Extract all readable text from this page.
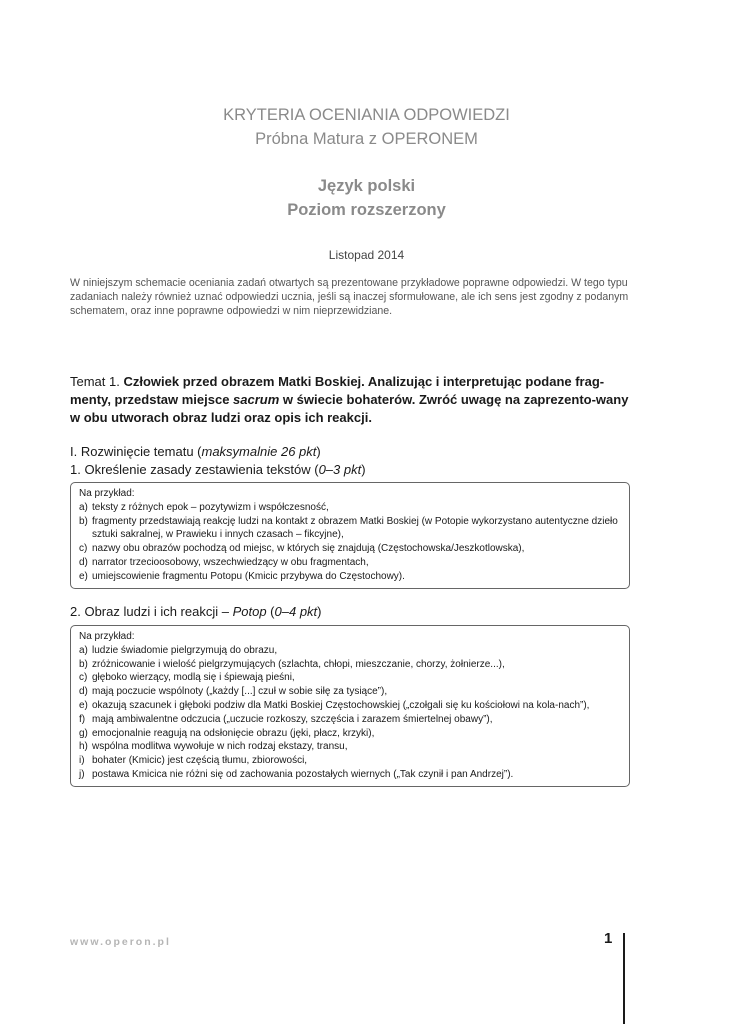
KRYTERIA OCENIANIA ODPOWIEDZI
Próbna Matura z OPERONEM
Język polski
Poziom rozszerzony
Listopad 2014
W niniejszym schemacie oceniania zadań otwartych są prezentowane przykładowe poprawne odpowiedzi. W tego typu zadaniach należy również uznać odpowiedzi ucznia, jeśli są inaczej sformułowane, ale ich sens jest zgodny z podanym schematem, oraz inne poprawne odpowiedzi w nim nieprzewidziane.
Temat 1. Człowiek przed obrazem Matki Boskiej. Analizując i interpretując podane frag-menty, przedstaw miejsce sacrum w świecie bohaterów. Zwróć uwagę na zaprezento-wany w obu utworach obraz ludzi oraz opis ich reakcji.
I. Rozwinięcie tematu (maksymalnie 26 pkt)
1. Określenie zasady zestawienia tekstów (0–3 pkt)
Na przykład:
a) teksty z różnych epok – pozytywizm i współczesność,
b) fragmenty przedstawiają reakcję ludzi na kontakt z obrazem Matki Boskiej (w Potopie wykorzystano autentyczne dzieło sztuki sakralnej, w Prawieku i innych czasach – fikcyjne),
c) nazwy obu obrazów pochodzą od miejsc, w których się znajdują (Częstochowska/Jeszkotlowska),
d) narrator trzecioosobowy, wszechwiedzący w obu fragmentach,
e) umiejscowienie fragmentu Potopu (Kmicic przybywa do Częstochowy).
2. Obraz ludzi i ich reakcji – Potop (0–4 pkt)
Na przykład:
a) ludzie świadomie pielgrzymują do obrazu,
b) zróżnicowanie i wielość pielgrzymujących (szlachta, chłopi, mieszczanie, chorzy, żołnierze...),
c) głęboko wierzący, modlą się i śpiewają pieśni,
d) mają poczucie wspólnoty („każdy [...] czuł w sobie siłę za tysiące”),
e) okazują szacunek i głęboki podziw dla Matki Boskiej Częstochowskiej („czołgali się ku kościołowi na kola-nach”),
f) mają ambiwalentne odczucia („uczucie rozkoszy, szczęścia i zarazem śmiertelnej obawy”),
g) emocjonalnie reagują na odsłonięcie obrazu (jęki, płacz, krzyki),
h) wspólna modlitwa wywołuje w nich rodzaj ekstazy, transu,
i) bohater (Kmicic) jest częścią tłumu, zbiorowości,
j) postawa Kmicica nie różni się od zachowania pozostałych wiernych („Tak czynił i pan Andrzej”).
www.operon.pl	1
